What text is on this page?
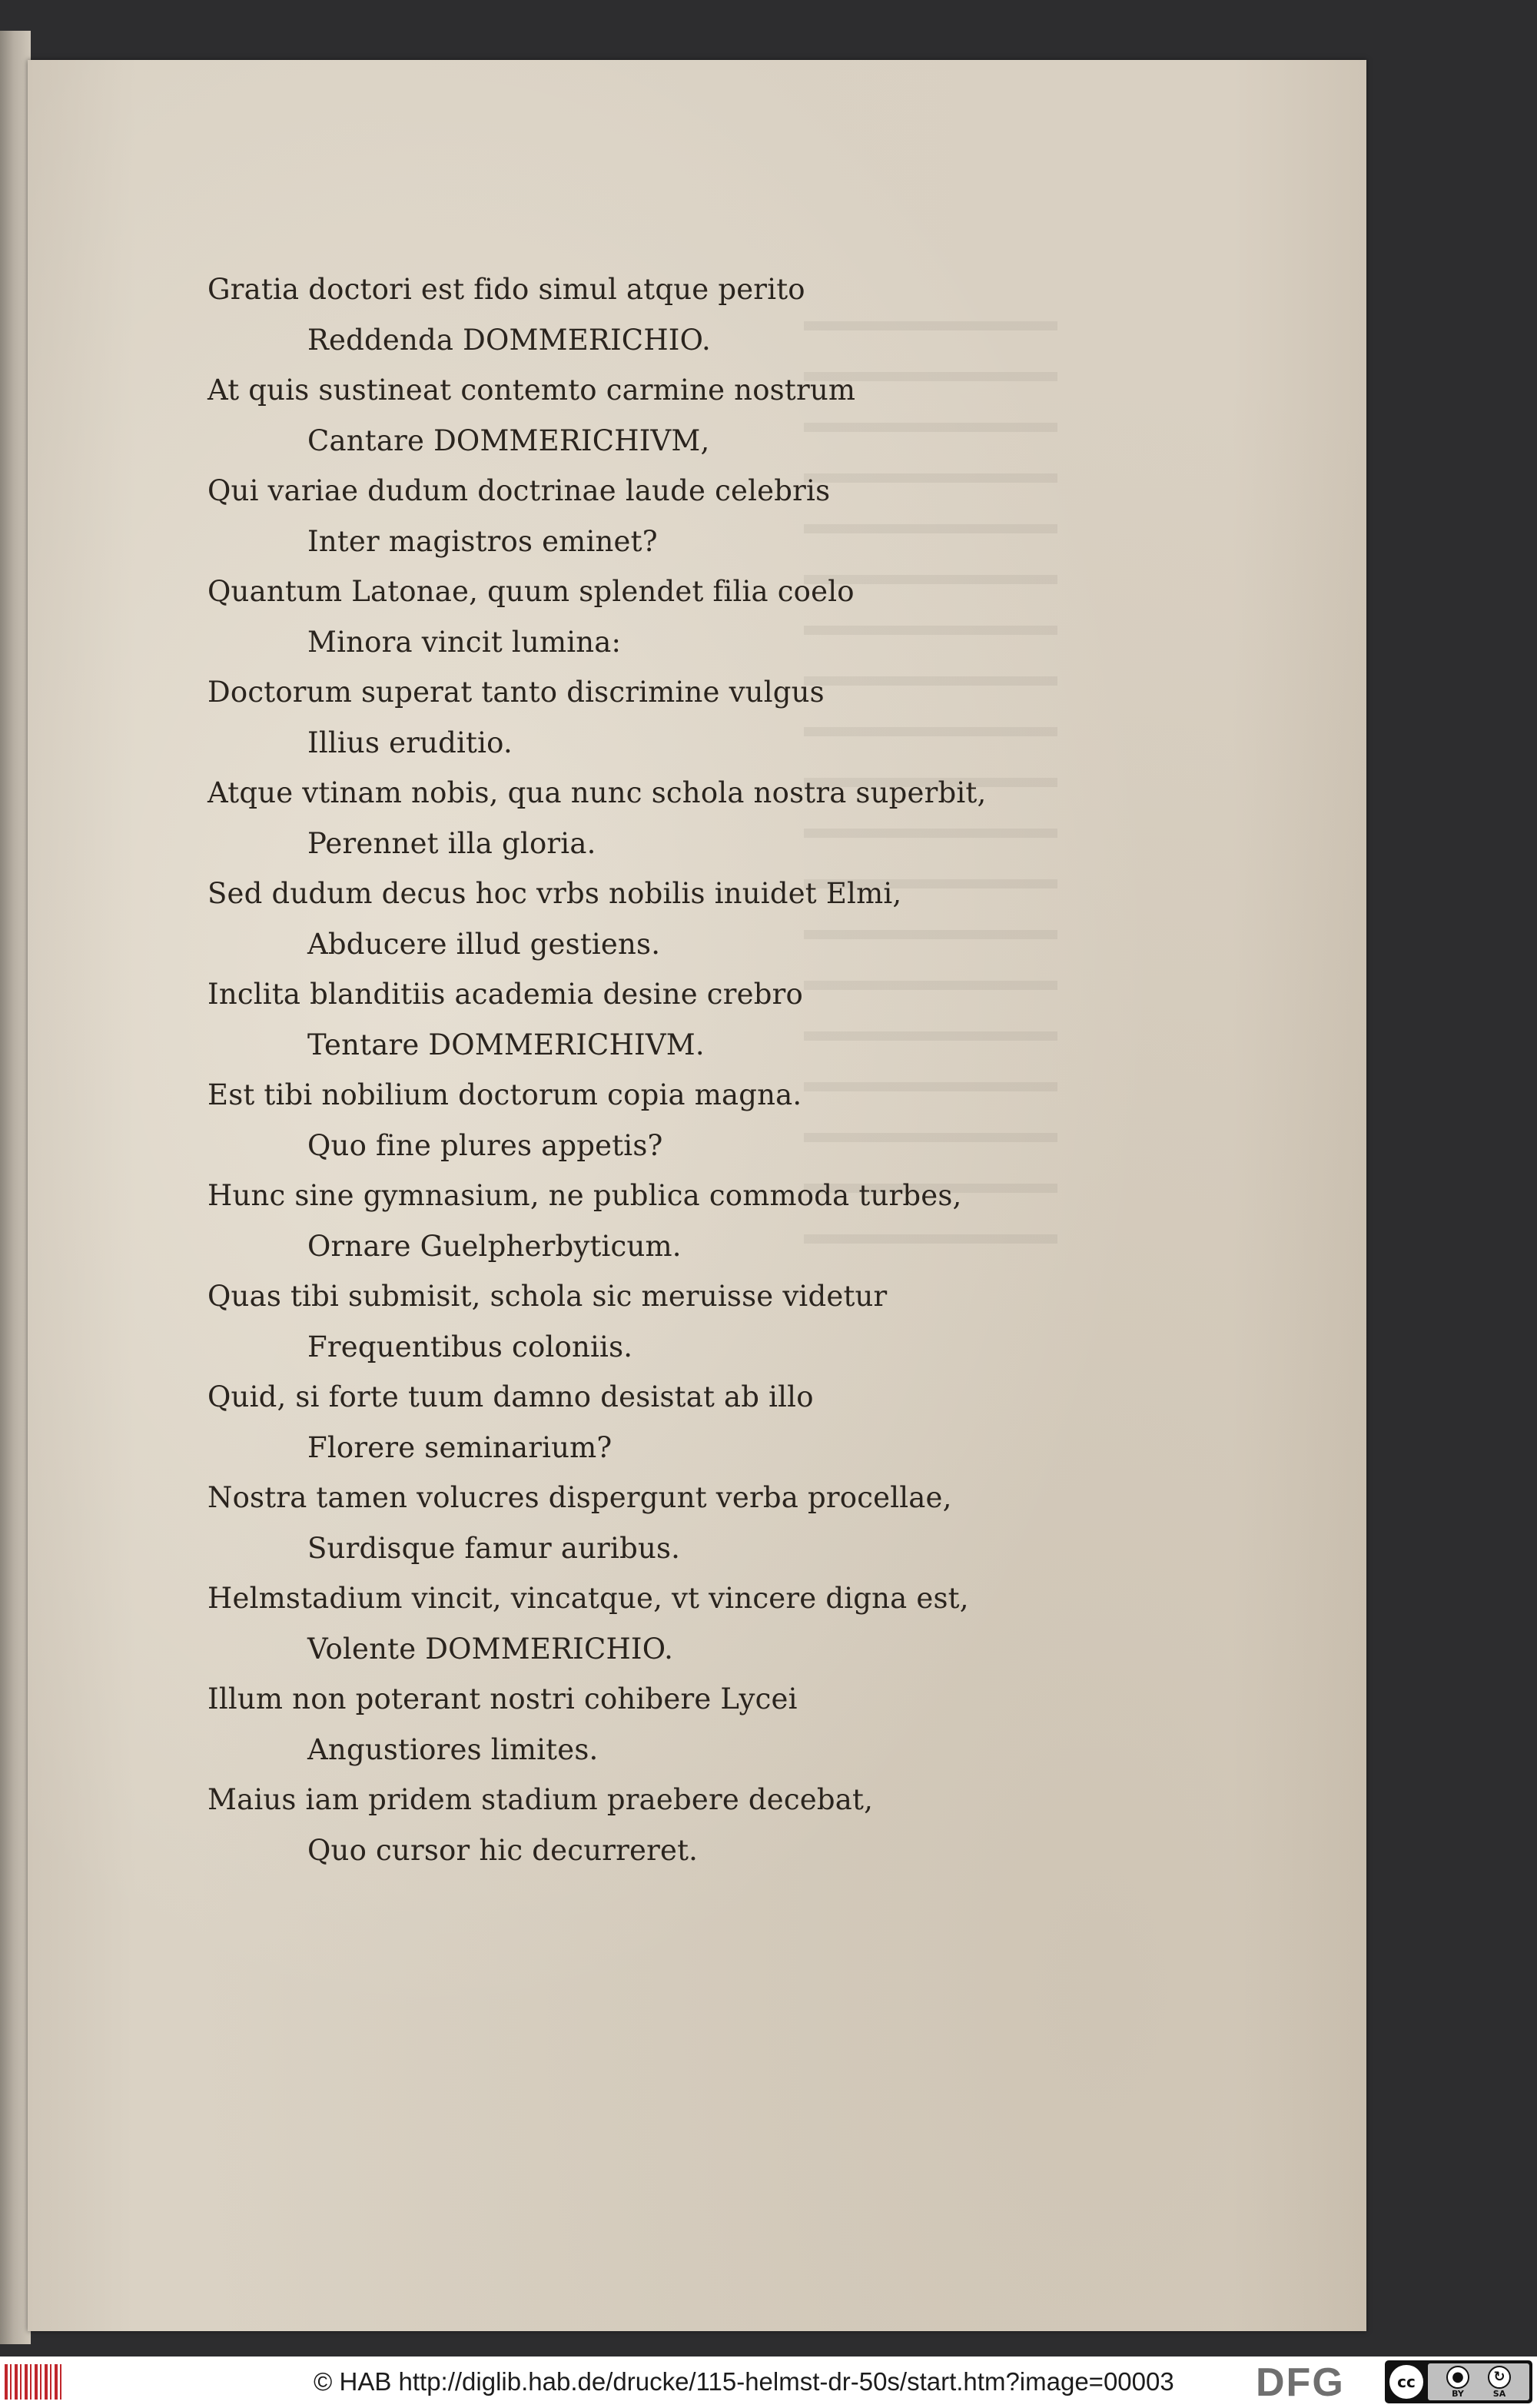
Gratia doctori est fido simul atque perito
Reddenda DOMMERICHIO.
At quis sustineat contemto carmine nostrum
Cantare DOMMERICHIVM,
Qui variae dudum doctrinae laude celebris
Inter magistros eminet?
Quantum Latonae, quum splendet filia coelo
Minora vincit lumina:
Doctorum superat tanto discrimine vulgus
Illius eruditio.
Atque vtinam nobis, qua nunc schola nostra superbit,
Perennet illa gloria.
Sed dudum decus hoc vrbs nobilis inuidet Elmi,
Abducere illud gestiens.
Inclita blanditiis academia desine crebro
Tentare DOMMERICHIVM.
Est tibi nobilium doctorum copia magna.
Quo fine plures appetis?
Hunc sine gymnasium, ne publica commoda turbes,
Ornare Guelpherbyticum.
Quas tibi submisit, schola sic meruisse videtur
Frequentibus coloniis.
Quid, si forte tuum damno desistat ab illo
Florere seminarium?
Nostra tamen volucres dispergunt verba procellae,
Surdisque famur auribus.
Helmstadium vincit, vincatque, vt vincere digna est,
Volente DOMMERICHIO.
Illum non poterant nostri cohibere Lycei
Angustiores limites.
Maius iam pridem stadium praebere decebat,
Quo cursor hic decurreret.
© HAB http://diglib.hab.de/drucke/115-helmst-dr-50s/start.htm?image=00003 DFG	cc	●
BY
↻
SA
